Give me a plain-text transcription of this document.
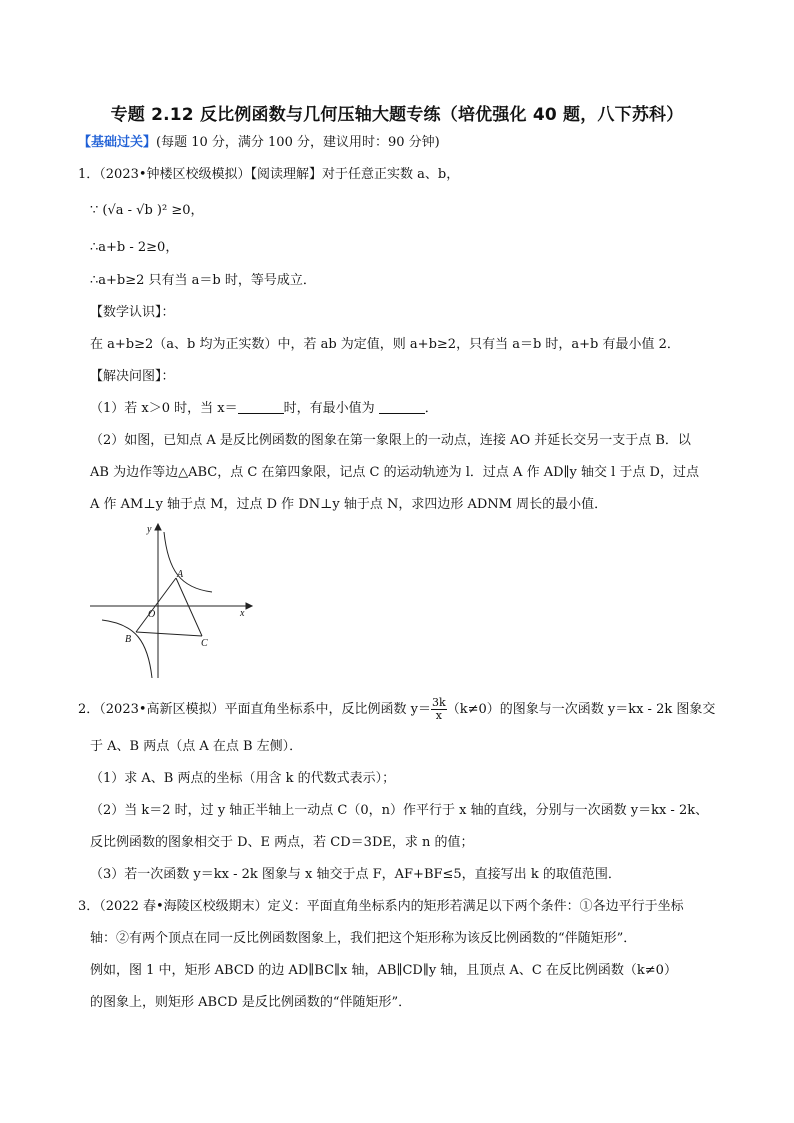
专题 2.12 反比例函数与几何压轴大题专练（培优强化 40 题，八下苏科）
【基础过关】(每题 10 分，满分 100 分，建议用时：90 分钟)
1．（2023•钟楼区校级模拟）【阅读理解】对于任意正实数 a、b，
∵ (√a - √b )² ≥0，
∴a+b - 2≥0，
∴a+b≥2 只有当 a＝b 时，等号成立．
【数学认识】：
在 a+b≥2（a、b 均为正实数）中，若 ab 为定值，则 a+b≥2，只有当 a＝b 时，a+b 有最小值 2．
【解决问图】：
（1）若 x＞0 时，当 x＝	时，有最小值为	．
（2）如图，已知点 A 是反比例函数的图象在第一象限上的一动点，连接 AO 并延长交另一支于点 B．以
AB 为边作等边△ABC，点 C 在第四象限，记点 C 的运动轨迹为 l．过点 A 作 AD∥y 轴交 l 于点 D，过点
A 作 AM⊥y 轴于点 M，过点 D 作 DN⊥y 轴于点 N，求四边形 ADNM 周长的最小值．
y
x
A
O
B	C
2．（2023•高新区模拟）平面直角坐标系中，反比例函数 $y= \frac{3k}{x} (k\ne 0)$的图象与一次函数 y＝kx - 2k 图象交
于 A、B 两点（点 A 在点 B 左侧）．
（1）求 A、B 两点的坐标（用含 k 的代数式表示）；
（2）当 k＝2 时，过 y 轴正半轴上一动点 C（0，n）作平行于 x 轴的直线，分别与一次函数 y＝kx - 2k、
反比例函数的图象相交于 D、E 两点，若 CD＝3DE，求 n 的值；
（3）若一次函数 y＝kx - 2k 图象与 x 轴交于点 F，AF+BF≤5，直接写出 k 的取值范围．
3．（2022 春•海陵区校级期末）定义：平面直角坐标系内的矩形若满足以下两个条件：①各边平行于坐标
轴：②有两个顶点在同一反比例函数图象上，我们把这个矩形称为该反比例函数的“伴随矩形”．
例如，图 1 中，矩形 ABCD 的边 AD∥BC∥x 轴，AB∥CD∥y 轴，且顶点 A、C 在反比例函数（k≠0）
的图象上，则矩形 ABCD 是反比例函数的“伴随矩形”．
